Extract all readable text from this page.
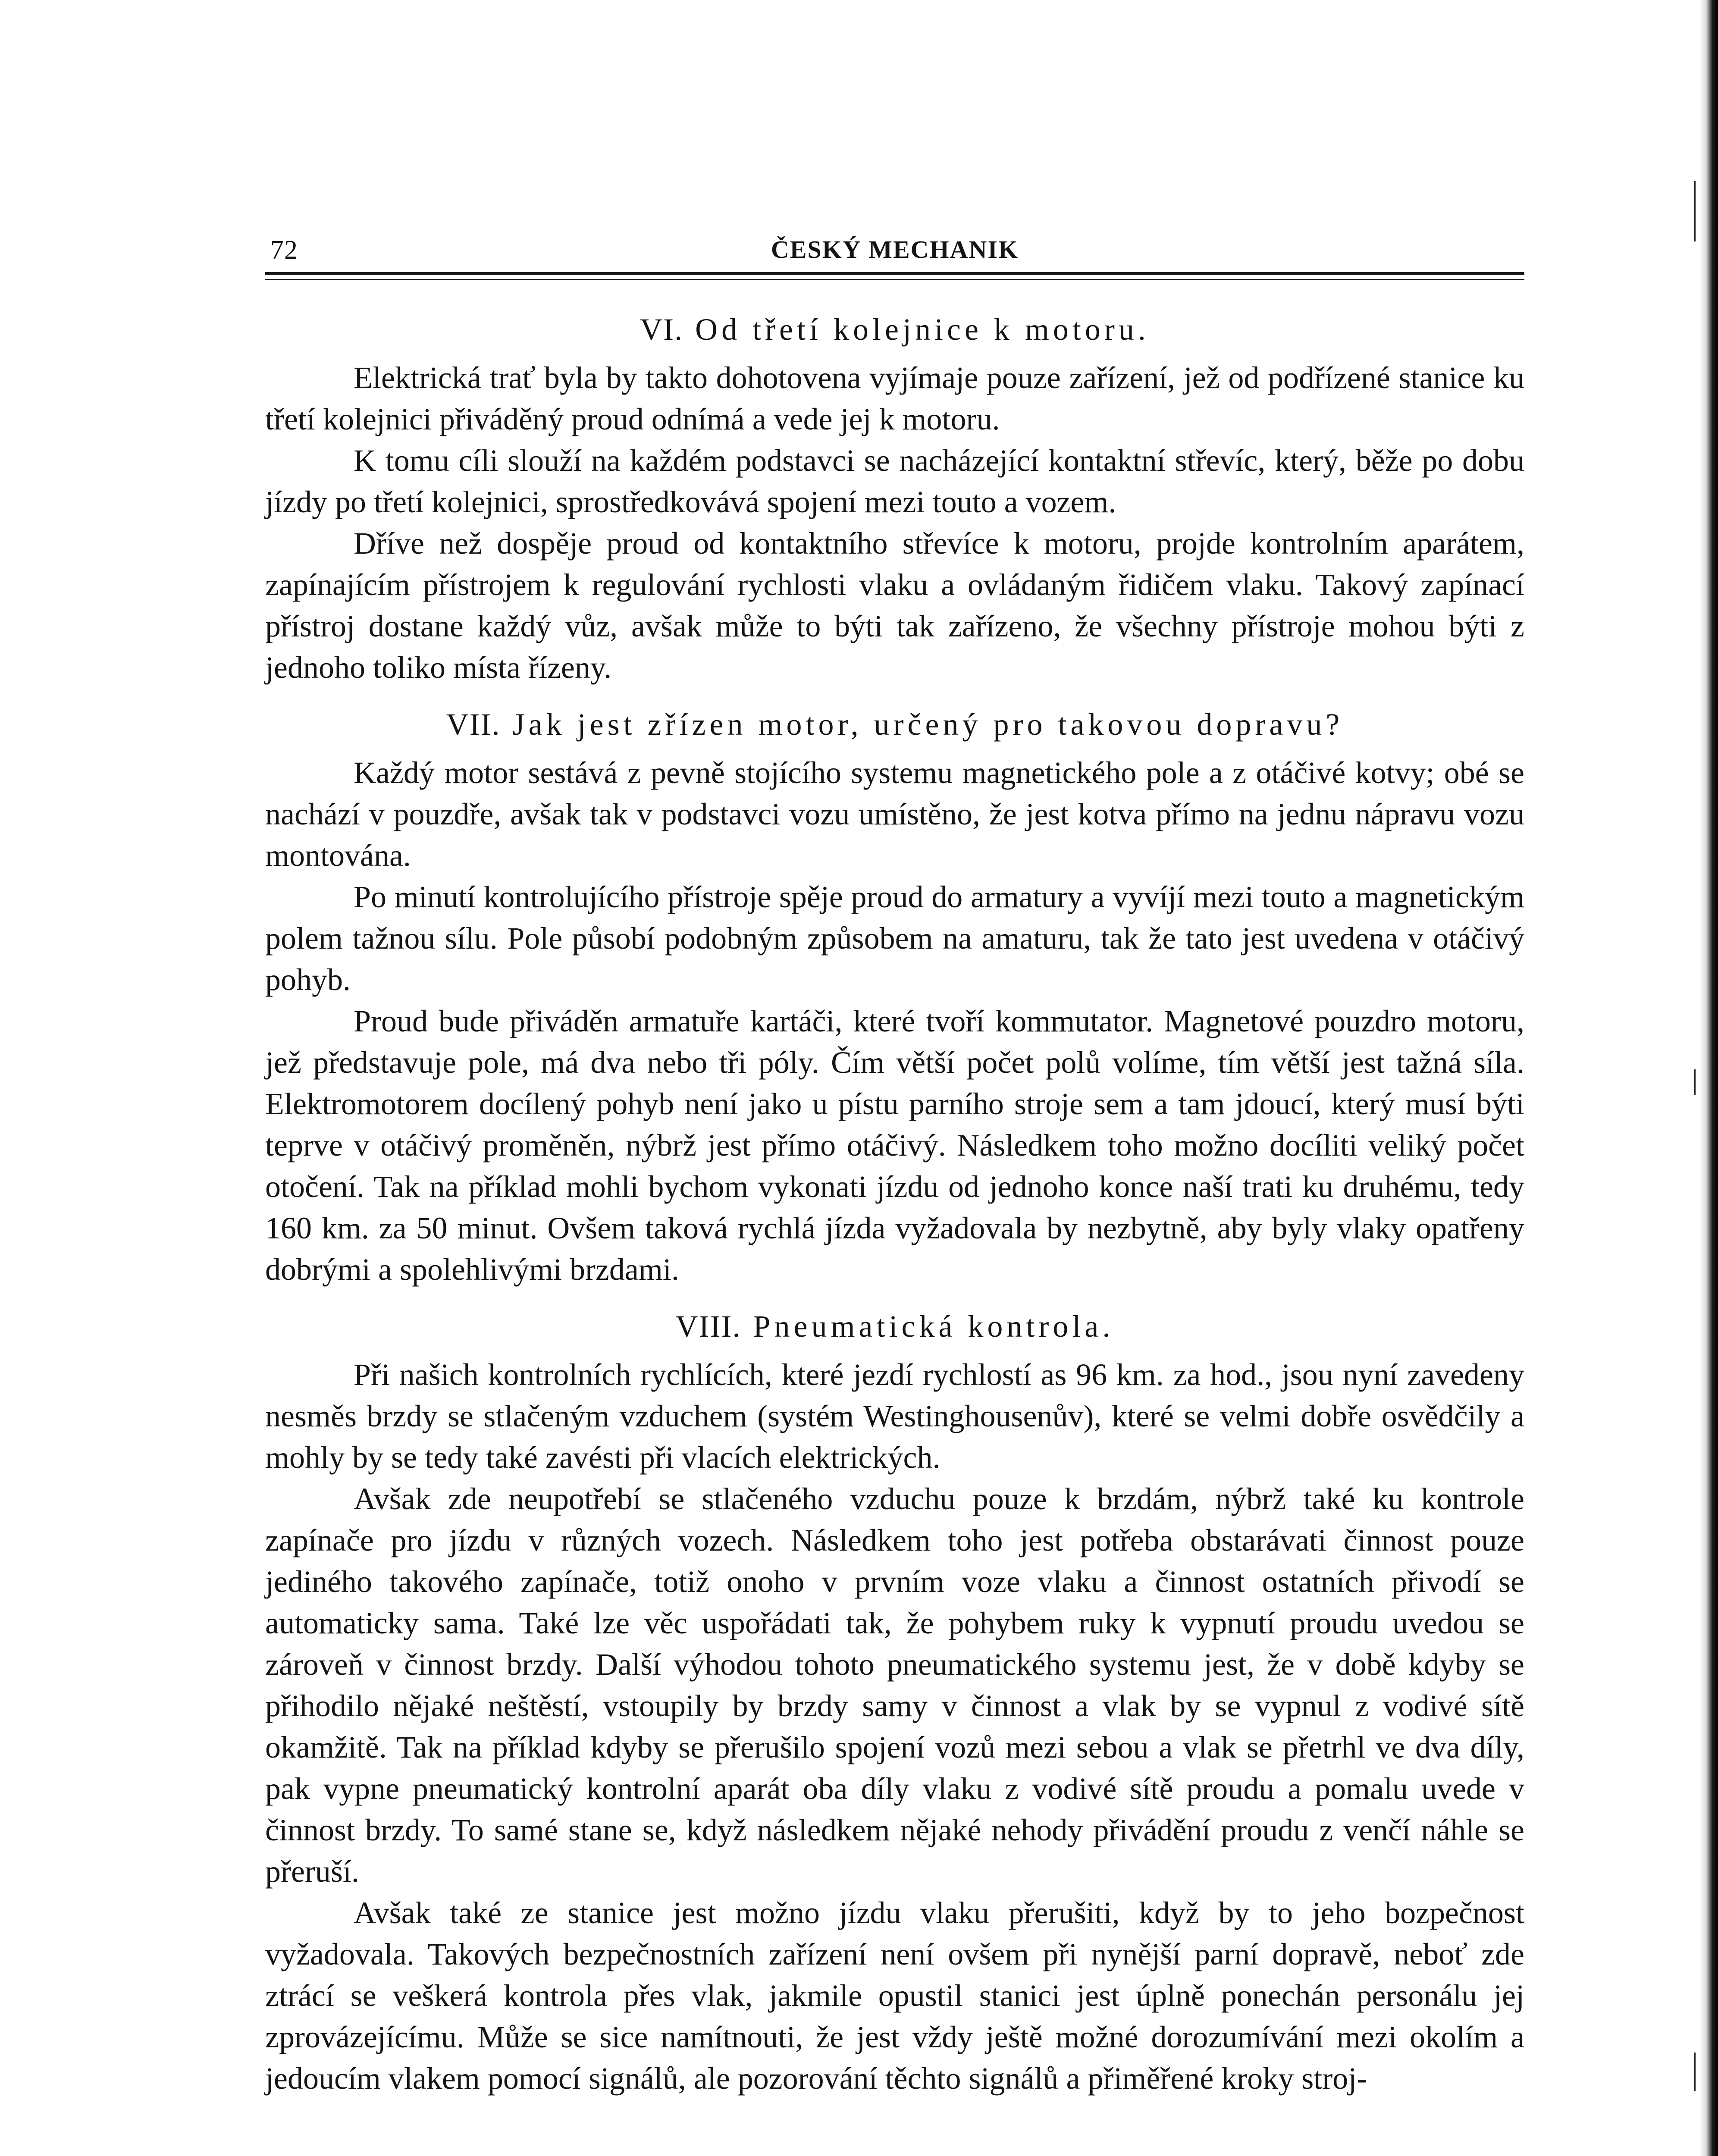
72	ČESKÝ MECHANIK
VI. Od třetí kolejnice k motoru.

Elektrická trať byla by takto dohotovena vyjímaje pouze zařízení, jež od podřízené stanice ku třetí kolejnici přiváděný proud odnímá a vede jej k motoru.

K tomu cíli slouží na každém podstavci se nacházející kontaktní střevíc, který, běže po dobu jízdy po třetí kolejnici, sprostředkovává spojení mezi touto a vozem.

Dříve než dospěje proud od kontaktního střevíce k motoru, projde kontrolním aparátem, zapínajícím přístrojem k regulování rychlosti vlaku a ovládaným řidičem vlaku. Takový zapínací přístroj dostane každý vůz, avšak může to býti tak zařízeno, že všechny přístroje mohou býti z jednoho toliko místa řízeny.

VII. Jak jest zřízen motor, určený pro takovou dopravu?

Každý motor sestává z pevně stojícího systemu magnetického pole a z otáčivé kotvy; obé se nachází v pouzdře, avšak tak v podstavci vozu umístěno, že jest kotva přímo na jednu nápravu vozu montována.

Po minutí kontrolujícího přístroje spěje proud do armatury a vyvíjí mezi touto a magnetickým polem tažnou sílu. Pole působí podobným způsobem na amaturu, tak že tato jest uvedena v otáčivý pohyb.

Proud bude přiváděn armatuře kartáči, které tvoří kommutator. Magnetové pouzdro motoru, jež představuje pole, má dva nebo tři póly. Čím větší počet polů volíme, tím větší jest tažná síla. Elektromotorem docílený pohyb není jako u pístu parního stroje sem a tam jdoucí, který musí býti teprve v otáčivý proměněn, nýbrž jest přímo otáčivý. Následkem toho možno docíliti veliký počet otočení. Tak na příklad mohli bychom vykonati jízdu od jednoho konce naší trati ku druhému, tedy 160 km. za 50 minut. Ovšem taková rychlá jízda vyžadovala by nezbytně, aby byly vlaky opatřeny dobrými a spolehlivými brzdami.

VIII. Pneumatická kontrola.

Při našich kontrolních rychlících, které jezdí rychlostí as 96 km. za hod., jsou nyní zavedeny nesměs brzdy se stlačeným vzduchem (systém Westinghousenův), které se velmi dobře osvědčily a mohly by se tedy také zavésti při vlacích elektrických.

Avšak zde neupotřebí se stlačeného vzduchu pouze k brzdám, nýbrž také ku kontrole zapínače pro jízdu v různých vozech. Následkem toho jest potřeba obstarávati činnost pouze jediného takového zapínače, totiž onoho v prvním voze vlaku a činnost ostatních přivodí se automaticky sama. Také lze věc uspořádati tak, že pohybem ruky k vypnutí proudu uvedou se zároveň v činnost brzdy. Další výhodou tohoto pneumatického systemu jest, že v době kdyby se přihodilo nějaké neštěstí, vstoupily by brzdy samy v činnost a vlak by se vypnul z vodivé sítě okamžitě. Tak na příklad kdyby se přerušilo spojení vozů mezi sebou a vlak se přetrhl ve dva díly, pak vypne pneumatický kontrolní aparát oba díly vlaku z vodivé sítě proudu a pomalu uvede v činnost brzdy. To samé stane se, když následkem nějaké nehody přivádění proudu z venčí náhle se přeruší.

Avšak také ze stanice jest možno jízdu vlaku přerušiti, když by to jeho bozpečnost vyžadovala. Takových bezpečnostních zařízení není ovšem při nynější parní dopravě, neboť zde ztrácí se veškerá kontrola přes vlak, jakmile opustil stanici jest úplně ponechán personálu jej zprovázejícímu. Může se sice namítnouti, že jest vždy ještě možné dorozumívání mezi okolím a jedoucím vlakem pomocí signálů, ale pozorování těchto signálů a přiměřené kroky stroj-
